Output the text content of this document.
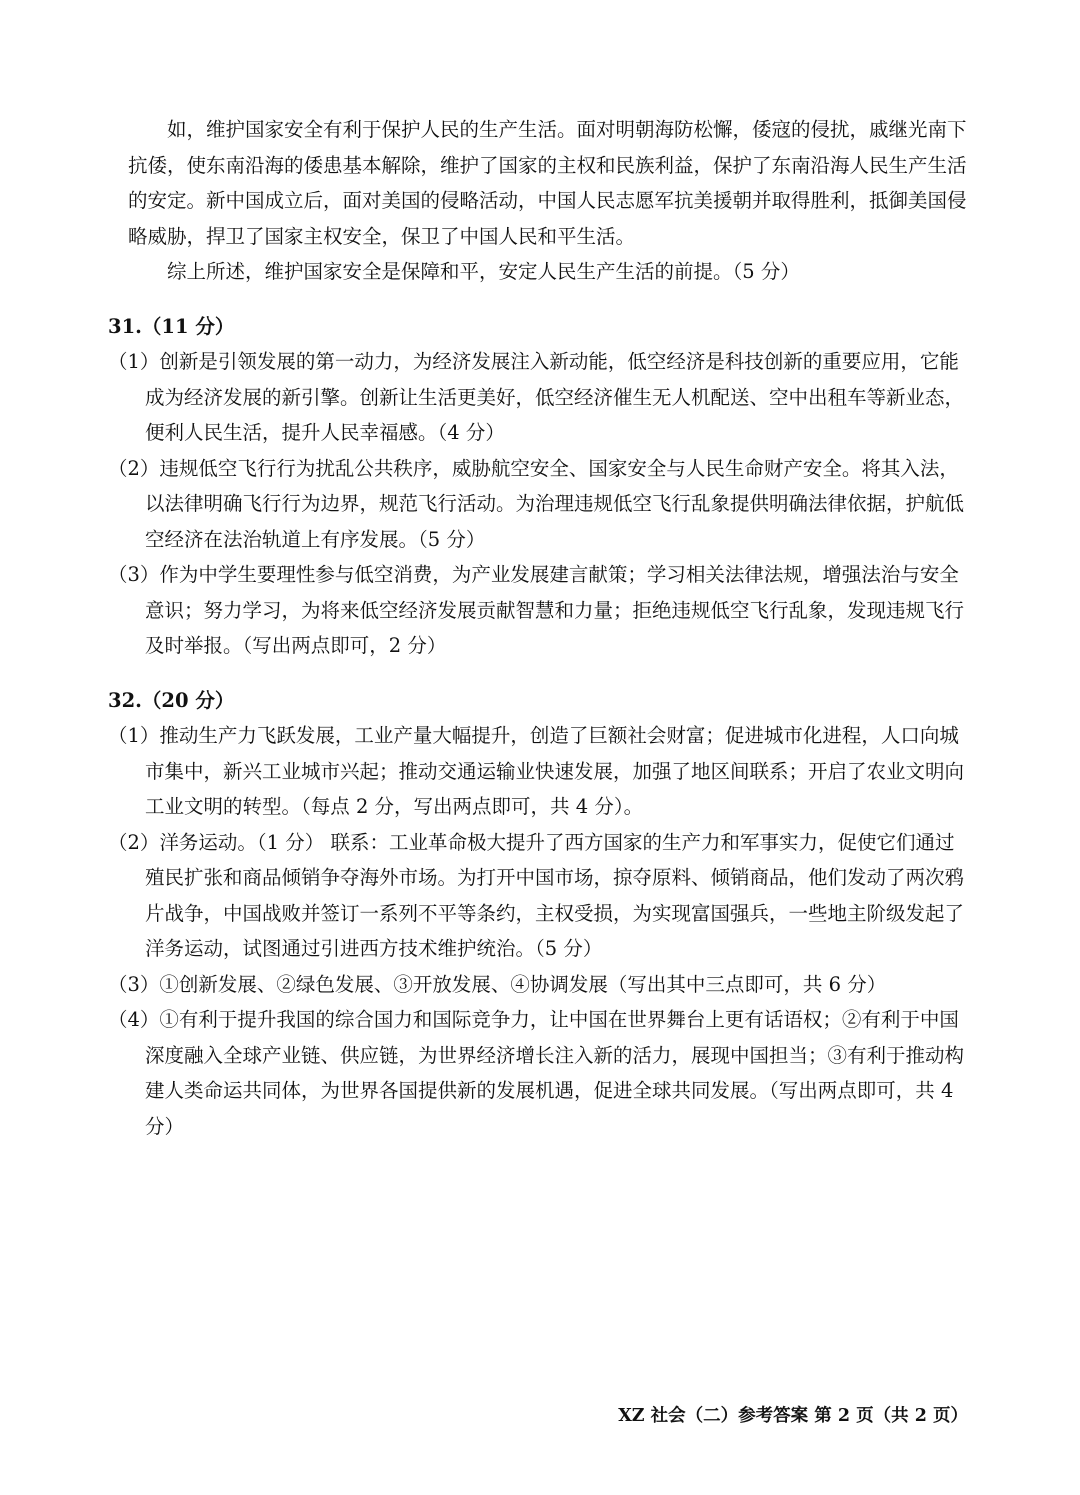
如，维护国家安全有利于保护人民的生产生活。面对明朝海防松懈，倭寇的侵扰，戚继光南下抗倭，使东南沿海的倭患基本解除，维护了国家的主权和民族利益，保护了东南沿海人民生产生活的安定。新中国成立后，面对美国的侵略活动，中国人民志愿军抗美援朝并取得胜利，抵御美国侵略威胁，捍卫了国家主权安全，保卫了中国人民和平生活。

综上所述，维护国家安全是保障和平，安定人民生产生活的前提。（5 分）

31.（11 分）

（1）创新是引领发展的第一动力，为经济发展注入新动能，低空经济是科技创新的重要应用，它能成为经济发展的新引擎。创新让生活更美好，低空经济催生无人机配送、空中出租车等新业态，便利人民生活，提升人民幸福感。（4 分）

（2）违规低空飞行行为扰乱公共秩序，威胁航空安全、国家安全与人民生命财产安全。将其入法，以法律明确飞行行为边界，规范飞行活动。为治理违规低空飞行乱象提供明确法律依据，护航低空经济在法治轨道上有序发展。（5 分）

（3）作为中学生要理性参与低空消费，为产业发展建言献策；学习相关法律法规，增强法治与安全意识；努力学习，为将来低空经济发展贡献智慧和力量；拒绝违规低空飞行乱象，发现违规飞行及时举报。（写出两点即可，2 分）

32.（20 分）

（1）推动生产力飞跃发展，工业产量大幅提升，创造了巨额社会财富；促进城市化进程，人口向城市集中，新兴工业城市兴起；推动交通运输业快速发展，加强了地区间联系；开启了农业文明向工业文明的转型。（每点 2 分，写出两点即可，共 4 分）。

（2）洋务运动。（1 分） 联系：工业革命极大提升了西方国家的生产力和军事实力，促使它们通过殖民扩张和商品倾销争夺海外市场。为打开中国市场，掠夺原料、倾销商品，他们发动了两次鸦片战争，中国战败并签订一系列不平等条约，主权受损，为实现富国强兵，一些地主阶级发起了洋务运动，试图通过引进西方技术维护统治。（5 分）

（3）①创新发展、②绿色发展、③开放发展、④协调发展（写出其中三点即可，共 6 分）

（4）①有利于提升我国的综合国力和国际竞争力，让中国在世界舞台上更有话语权；②有利于中国深度融入全球产业链、供应链，为世界经济增长注入新的活力，展现中国担当；③有利于推动构建人类命运共同体，为世界各国提供新的发展机遇，促进全球共同发展。（写出两点即可，共 4 分）

XZ 社会（二）参考答案 第 2 页（共 2 页）
